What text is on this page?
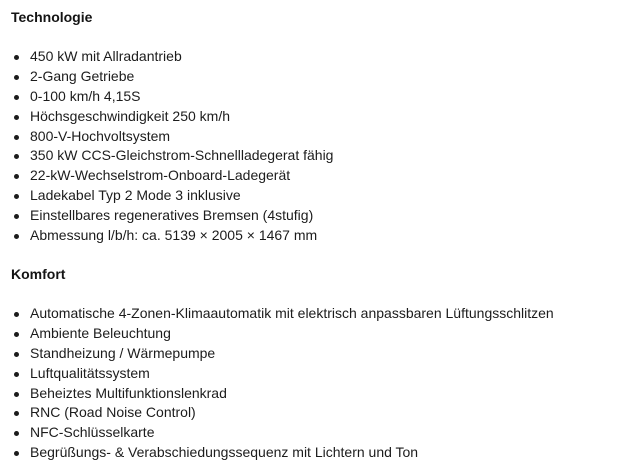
Technologie
450 kW mit Allradantrieb
2-Gang Getriebe
0-100 km/h 4,15S
Höchsgeschwindigkeit 250 km/h
800-V-Hochvoltsystem
350 kW CCS-Gleichstrom-Schnellladegerat fähig
22-kW-Wechselstrom-Onboard-Ladegerät
Ladekabel Typ 2 Mode 3 inklusive
Einstellbares regeneratives Bremsen (4stufig)
Abmessung l/b/h: ca. 5139 × 2005 × 1467 mm
Komfort
Automatische 4-Zonen-Klimaautomatik mit elektrisch anpassbaren Lüftungsschlitzen
Ambiente Beleuchtung
Standheizung / Wärmepumpe
Luftqualitätssystem
Beheiztes Multifunktionslenkrad
RNC (Road Noise Control)
NFC-Schlüsselkarte
Begrüßungs- & Verabschiedungssequenz mit Lichtern und Ton
